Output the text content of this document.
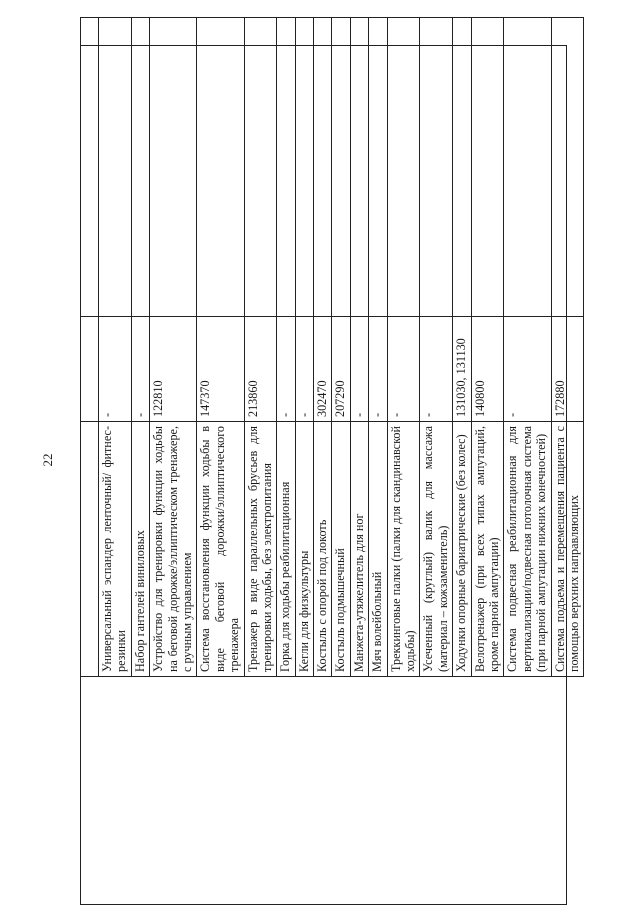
22
			Универсальный эспандер ленточный/ фитнес-резинки	-	
Набор гантелей виниловых	-	
Устройство для тренировки функции ходьбы на беговой дорожке/эллиптическом тренажере, с ручным управлением	122810	
Система восстановления функции ходьбы в виде беговой дорожки/эллиптического тренажера	147370	
Тренажер в виде параллельных брусьев для тренировки ходьбы, без электропитания	213860	
Горка для ходьбы реабилитационная	-	
Кегли для физкультуры	-	
Костыль с опорой под локоть	302470	
Костыль подмышечный	207290	
Манжета-утяжелитель для ног	-	
Мяч волейбольный	-	
Треккинговые палки (палки для скандинавской ходьбы)	-	
Усеченный (круглый) валик для массажа (материал – кожзаменитель)	-	
Ходунки опорные бариатрические (без колес)	131030, 131130	
Велотренажер (при всех типах ампутаций, кроме парной ампутации)	140800	
Система подвесная реабилитационная для вертикализации/подвесная потолочная система (при парной ампутации нижних конечностей)	-	
Система подъема и перемещения пациента с помощью верхних направляющих	172880	
